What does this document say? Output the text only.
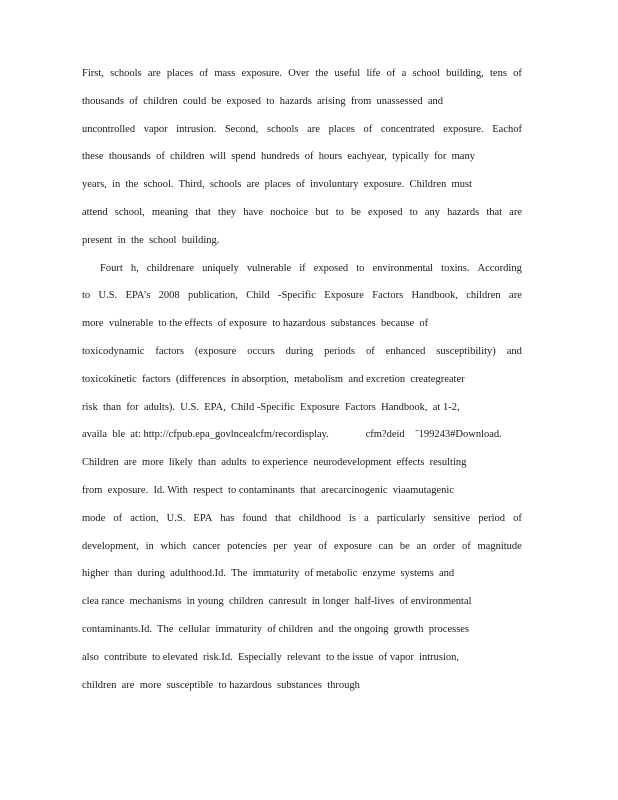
First, schools are places of mass exposure. Over the useful life of a school building, tens of
thousands  of  children  could  be  exposed  to  hazards  arising  from  unassessed  and
uncontrolled vapor intrusion. Second, schools are places of concentrated exposure. Eachof
these  thousands  of  children  will  spend  hundreds  of  hours  eachyear,  typically  for  many
years,  in  the  school.  Third,  schools  are  places  of  involuntary  exposure.  Children  must
attend school, meaning that they have nochoice but to be exposed to any hazards that are
present  in  the  school  building.
Fourt h, childrenare uniquely vulnerable if exposed to environmental toxins. According
to U.S. EPA’s 2008 publication, Child -Specific Exposure Factors Handbook, children are
more  vulnerable  to the effects  of exposure  to hazardous  substances  because  of
toxicodynamic factors (exposure occurs during periods of enhanced susceptibility) and
toxicokinetic  factors  (differences  in absorption,  metabolism  and excretion  creategreater
risk  than  for  adults).  U.S.  EPA,  Child -Specific  Exposure  Factors  Handbook,  at 1-2,
availa  ble  at: http://cfpub.epa_govlncealcfm/recordisplay.              cfm?deid    ˜199243#Download.
Children  are  more  likely  than  adults  to experience  neurodevelopment  effects  resulting
from  exposure.  Id. With  respect  to contaminants  that  arecarcinogenic  viaamutagenic
mode of action, U.S. EPA has found that childhood is a particularly sensitive period of
development, in which cancer potencies per year of exposure can be an order of magnitude
higher  than  during  adulthood.Id.  The  immaturity  of metabolic  enzyme  systems  and
clea rance  mechanisms  in young  children  canresult  in longer  half-lives  of environmental
contaminants.Id.  The  cellular  immaturity  of children  and  the ongoing  growth  processes
also  contribute  to elevated  risk.Id.  Especially  relevant  to the issue  of vapor  intrusion,
children  are  more  susceptible  to hazardous  substances  through
